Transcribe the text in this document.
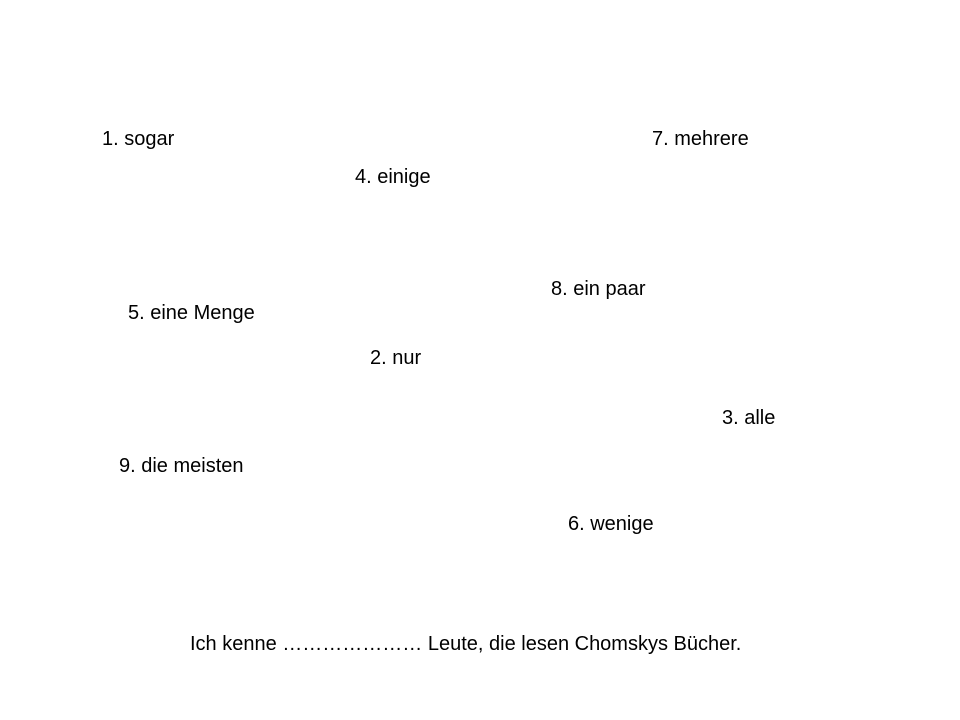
1. sogar	7. mehrere
4. einige
8. ein paar
5. eine Menge
2. nur
3. alle
9. die meisten
6. wenige
Ich kenne ………………… Leute, die lesen Chomskys Bücher.
